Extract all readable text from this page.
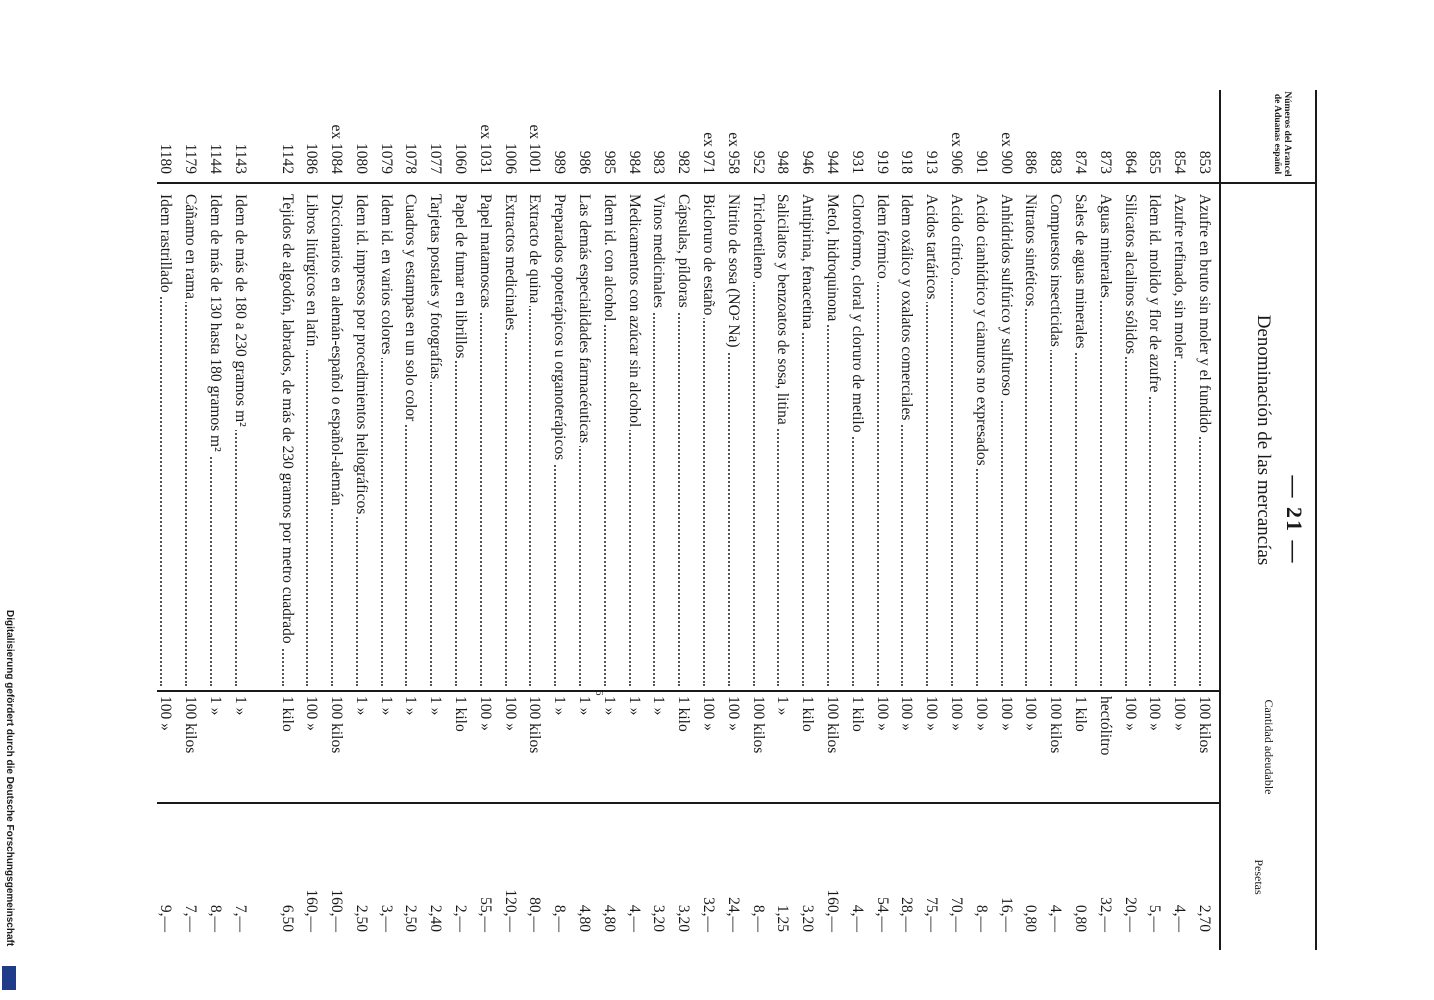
Digitalisierung gefördert durch die Deutsche Forschungsgemeinschaft
— 21 —
Números del Arancel de Aduanas español
Denominación de las mercancías
Cantidad adeudable
Pesetas
853
Azufre en bruto sin moler y el fundido
100 kilos
2,70
854
Azufre refinado, sin moler
100 »
4,—
855
Idem id. molido y flor de azufre
100 »
5,—
864
Silicatos alcalinos sólidos
100 »
20,—
873
Aguas minerales
hectólitro
32,—
874
Sales de aguas minerales
1 kilo
0,80
883
Compuestos insecticidas
100 kilos
4,—
886
Nitratos sintéticos
100 »
0,80
ex 900
Anhídridos sulfúrico y sulfuroso
100 »
16,—
901
Acido cianhídrico y cianuros no expresados
100 »
8,—
ex 906
Acido cítrico
100 »
70,—
913
Acidos tartáricos
100 »
75,—
918
Idem oxálico y oxalatos comerciales
100 »
28,—
919
Idem fórmico
100 »
54,—
931
Cloroformo, cloral y cloruro de metilo
1 kilo
4,—
944
Metol, hidroquinona
100 kilos
160,—
946
Antipirina, fenacetina
1 kilo
3,20
948
Salicilatos y benzoatos de sosa, litina
1 »
1,25
952
Tricloretileno
100 kilos
8,—
ex 958
Nitrito de sosa (NO² Na)
100 »
24,—
ex 971
Bicloruro de estaño
100 »
32,—
982
Cápsulas, píldoras
1 kilo
3,20
983
Vinos medicinales
1 »
3,20
984
Medicamentos con azúcar sin alcohol
1 »
4,—
985
Idem id. con alcohol
1 »
4,80
986
Las demás especialidades farmacéuticas
1 »
4,80
989
Preparados opoterápicos u organoterápicos
1 »
8,—
ex 1001
Extracto de quina
100 kilos
80,—
1006
Extractos medicinales
100 »
120,—
ex 1031
Papel matamoscas
100 »
55,—
1060
Papel de fumar en librillos
1 kilo
2,—
1077
Tarjetas postales y fotografías
1 »
2,40
1078
Cuadros y estampas en un solo color
1 »
2,50
1079
Idem id. en varios colores
1 »
3,—
1080
Idem id. impresos por procedimientos heliográficos
1 »
2,50
ex 1084
Diccionarios en alemán-español o español-alemán
100 kilos
160,—
1086
Libros litúrgicos en latín
100 »
160,—
1142
Tejidos de algodón, labrados, de más de 230 gramos por metro cuadrado
1 kilo
6,50
1143
Idem de más de 180 a 230 gramos m²
1 »
7,—
1144
Idem de más de 130 hasta 180 gramos m²
1 »
8,—
1179
Cáñamo en rama
100 kilos
7,—
1180
Idem rastrillado
100 »
9,—
6
